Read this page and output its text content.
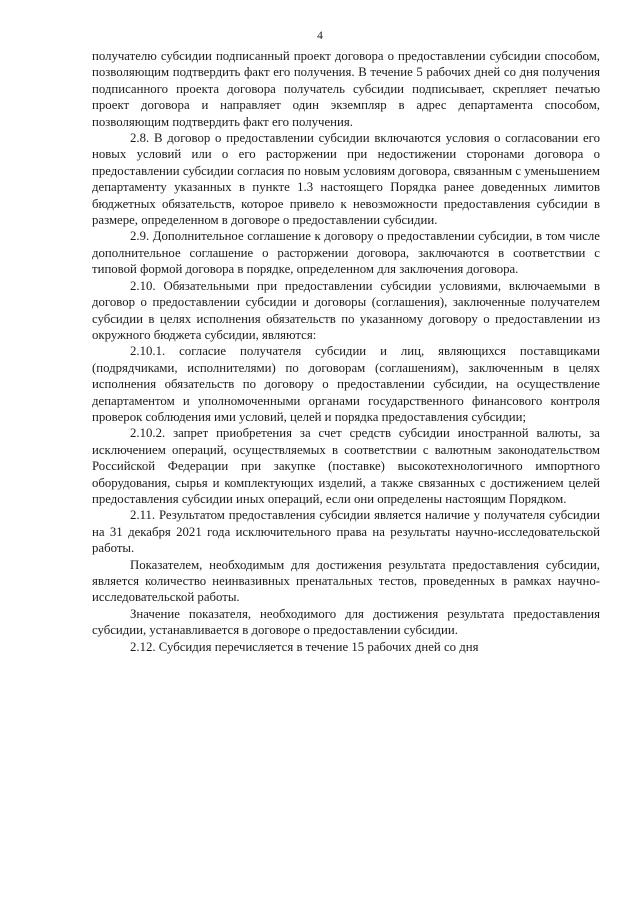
4

получателю субсидии подписанный проект договора о предоставлении субсидии способом, позволяющим подтвердить факт его получения. В течение 5 рабочих дней со дня получения подписанного проекта договора получатель субсидии подписывает, скрепляет печатью проект договора и направляет один экземпляр в адрес департамента способом, позволяющим подтвердить факт его получения.

2.8. В договор о предоставлении субсидии включаются условия о согласовании его новых условий или о его расторжении при недостижении сторонами договора о предоставлении субсидии согласия по новым условиям договора, связанным с уменьшением департаменту указанных в пункте 1.3 настоящего Порядка ранее доведенных лимитов бюджетных обязательств, которое привело к невозможности предоставления субсидии в размере, определенном в договоре о предоставлении субсидии.

2.9. Дополнительное соглашение к договору о предоставлении субсидии, в том числе дополнительное соглашение о расторжении договора, заключаются в соответствии с типовой формой договора в порядке, определенном для заключения договора.

2.10. Обязательными при предоставлении субсидии условиями, включаемыми в договор о предоставлении субсидии и договоры (соглашения), заключенные получателем субсидии в целях исполнения обязательств по указанному договору о предоставлении из окружного бюджета субсидии, являются:

2.10.1. согласие получателя субсидии и лиц, являющихся поставщиками (подрядчиками, исполнителями) по договорам (соглашениям), заключенным в целях исполнения обязательств по договору о предоставлении субсидии, на осуществление департаментом и уполномоченными органами государственного финансового контроля проверок соблюдения ими условий, целей и порядка предоставления субсидии;

2.10.2. запрет приобретения за счет средств субсидии иностранной валюты, за исключением операций, осуществляемых в соответствии с валютным законодательством Российской Федерации при закупке (поставке) высокотехнологичного импортного оборудования, сырья и комплектующих изделий, а также связанных с достижением целей предоставления субсидии иных операций, если они определены настоящим Порядком.

2.11. Результатом предоставления субсидии является наличие у получателя субсидии на 31 декабря 2021 года исключительного права на результаты научно-исследовательской работы.

Показателем, необходимым для достижения результата предоставления субсидии, является количество неинвазивных пренатальных тестов, проведенных в рамках научно-исследовательской работы.

Значение показателя, необходимого для достижения результата предоставления субсидии, устанавливается в договоре о предоставлении субсидии.

2.12. Субсидия перечисляется в течение 15 рабочих дней со дня
